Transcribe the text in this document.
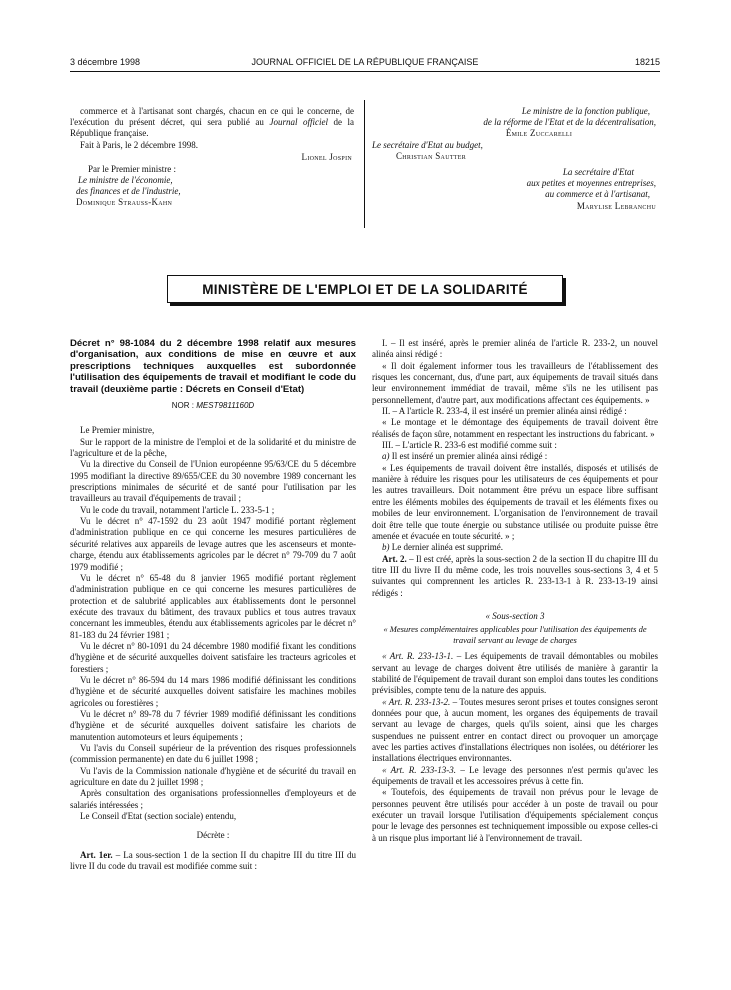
3 décembre 1998	JOURNAL OFFICIEL DE LA RÉPUBLIQUE FRANÇAISE	18215

commerce et à l'artisanat sont chargés, chacun en ce qui le concerne, de l'exécution du présent décret, qui sera publié au Journal officiel de la République française.

Fait à Paris, le 2 décembre 1998.

Lionel Jospin

Par le Premier ministre :

Le ministre de l'économie,

des finances et de l'industrie,

Dominique Strauss-Kahn

Le ministre de la fonction publique,

de la réforme de l'Etat et de la décentralisation,

Émile Zuccarelli

Le secrétaire d'Etat au budget,

Christian Sautter

La secrétaire d'Etat

aux petites et moyennes entreprises,

au commerce et à l'artisanat,

Marylise Lebranchu

MINISTÈRE DE L'EMPLOI ET DE LA SOLIDARITÉ

Décret n° 98-1084 du 2 décembre 1998 relatif aux mesures d'organisation, aux conditions de mise en œuvre et aux prescriptions techniques auxquelles est subordonnée l'utilisation des équipements de travail et modifiant le code du travail (deuxième partie : Décrets en Conseil d'Etat)

NOR : MEST9811160D

Le Premier ministre,

Sur le rapport de la ministre de l'emploi et de la solidarité et du ministre de l'agriculture et de la pêche,

Vu la directive du Conseil de l'Union européenne 95/63/CE du 5 décembre 1995 modifiant la directive 89/655/CEE du 30 novembre 1989 concernant les prescriptions minimales de sécurité et de santé pour l'utilisation par les travailleurs au travail d'équipements de travail ;

Vu le code du travail, notamment l'article L. 233-5-1 ;

Vu le décret n° 47-1592 du 23 août 1947 modifié portant règlement d'administration publique en ce qui concerne les mesures particulières de sécurité relatives aux appareils de levage autres que les ascenseurs et monte-charge, étendu aux établissements agricoles par le décret n° 79-709 du 7 août 1979 modifié ;

Vu le décret n° 65-48 du 8 janvier 1965 modifié portant règlement d'administration publique en ce qui concerne les mesures particulières de protection et de salubrité applicables aux établissements dont le personnel exécute des travaux du bâtiment, des travaux publics et tous autres travaux concernant les immeubles, étendu aux établissements agricoles par le décret n° 81-183 du 24 février 1981 ;

Vu le décret n° 80-1091 du 24 décembre 1980 modifié fixant les conditions d'hygiène et de sécurité auxquelles doivent satisfaire les tracteurs agricoles et forestiers ;

Vu le décret n° 86-594 du 14 mars 1986 modifié définissant les conditions d'hygiène et de sécurité auxquelles doivent satisfaire les machines mobiles agricoles ou forestières ;

Vu le décret n° 89-78 du 7 février 1989 modifié définissant les conditions d'hygiène et de sécurité auxquelles doivent satisfaire les chariots de manutention automoteurs et leurs équipements ;

Vu l'avis du Conseil supérieur de la prévention des risques professionnels (commission permanente) en date du 6 juillet 1998 ;

Vu l'avis de la Commission nationale d'hygiène et de sécurité du travail en agriculture en date du 2 juillet 1998 ;

Après consultation des organisations professionnelles d'employeurs et de salariés intéressées ;

Le Conseil d'Etat (section sociale) entendu,

Décrète :

Art. 1er. – La sous-section 1 de la section II du chapitre III du titre III du livre II du code du travail est modifiée comme suit :

I. – Il est inséré, après le premier alinéa de l'article R. 233-2, un nouvel alinéa ainsi rédigé :

« Il doit également informer tous les travailleurs de l'établissement des risques les concernant, dus, d'une part, aux équipements de travail situés dans leur environnement immédiat de travail, même s'ils ne les utilisent pas personnellement, d'autre part, aux modifications affectant ces équipements. »

II. – A l'article R. 233-4, il est inséré un premier alinéa ainsi rédigé :

« Le montage et le démontage des équipements de travail doivent être réalisés de façon sûre, notamment en respectant les instructions du fabricant. »

III. – L'article R. 233-6 est modifié comme suit :

a) Il est inséré un premier alinéa ainsi rédigé :

« Les équipements de travail doivent être installés, disposés et utilisés de manière à réduire les risques pour les utilisateurs de ces équipements et pour les autres travailleurs. Doit notamment être prévu un espace libre suffisant entre les éléments mobiles des équipements de travail et les éléments fixes ou mobiles de leur environnement. L'organisation de l'environnement de travail doit être telle que toute énergie ou substance utilisée ou produite puisse être amenée et évacuée en toute sécurité. » ;

b) Le dernier alinéa est supprimé.

Art. 2. – Il est créé, après la sous-section 2 de la section II du chapitre III du titre III du livre II du même code, les trois nouvelles sous-sections 3, 4 et 5 suivantes qui comprennent les articles R. 233-13-1 à R. 233-13-19 ainsi rédigés :

« Sous-section 3

« Mesures complémentaires applicables pour l'utilisation des équipements de travail servant au levage de charges

« Art. R. 233-13-1. – Les équipements de travail démontables ou mobiles servant au levage de charges doivent être utilisés de manière à garantir la stabilité de l'équipement de travail durant son emploi dans toutes les conditions prévisibles, compte tenu de la nature des appuis.

« Art. R. 233-13-2. – Toutes mesures seront prises et toutes consignes seront données pour que, à aucun moment, les organes des équipements de travail servant au levage de charges, quels qu'ils soient, ainsi que les charges suspendues ne puissent entrer en contact direct ou provoquer un amorçage avec les parties actives d'installations électriques non isolées, ou détériorer les installations électriques environnantes.

« Art. R. 233-13-3. – Le levage des personnes n'est permis qu'avec les équipements de travail et les accessoires prévus à cette fin.

« Toutefois, des équipements de travail non prévus pour le levage de personnes peuvent être utilisés pour accéder à un poste de travail ou pour exécuter un travail lorsque l'utilisation d'équipements spécialement conçus pour le levage des personnes est techniquement impossible ou expose celles-ci à un risque plus important lié à l'environnement de travail.
